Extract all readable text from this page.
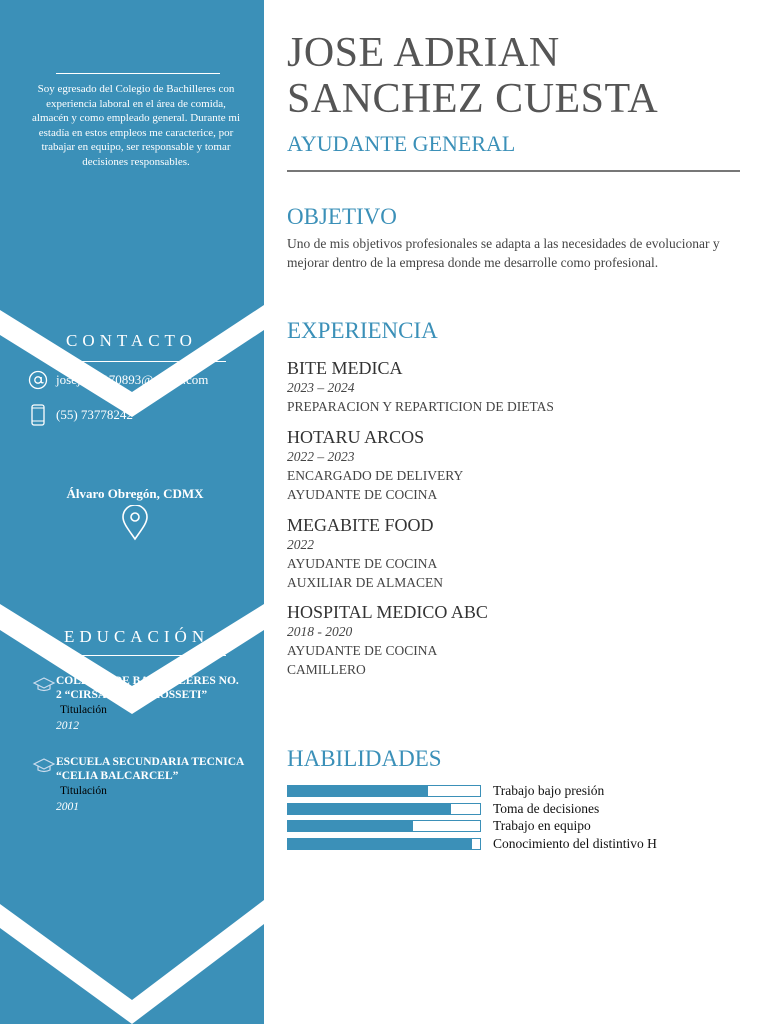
Soy egresado del Colegio de Bachilleres con experiencia laboral en el área de comida, almacén y como empleado general. Durante mi estadía en estos empleos me caracterice, por trabajar en equipo, ser responsable y tomar decisiones responsables.
CONTACTO
josejamz170893@gmail.com
(55) 73778242
Álvaro Obregón, CDMX
EDUCACIÓN
COLEGIO DE BACHILLERES NO. 2 “CIRSA ACUÑA ROSSETI”
Titulación
2012
ESCUELA SECUNDARIA TECNICA “CELIA BALCARCEL”
Titulación
2001
JOSE ADRIAN
SANCHEZ CUESTA
AYUDANTE GENERAL
OBJETIVO
Uno de mis objetivos profesionales se adapta a las necesidades de evolucionar y mejorar dentro de la empresa donde me desarrolle como profesional.
EXPERIENCIA
BITE MEDICA
2023 – 2024
PREPARACION Y REPARTICION DE DIETAS
HOTARU ARCOS
2022 – 2023
ENCARGADO DE DELIVERY
AYUDANTE DE COCINA
MEGABITE FOOD
2022
AYUDANTE DE COCINA
AUXILIAR DE ALMACEN
HOSPITAL MEDICO ABC
2018 - 2020
AYUDANTE DE COCINA
CAMILLERO
HABILIDADES
Trabajo bajo presión
Toma de decisiones
Trabajo en equipo
Conocimiento del distintivo H
